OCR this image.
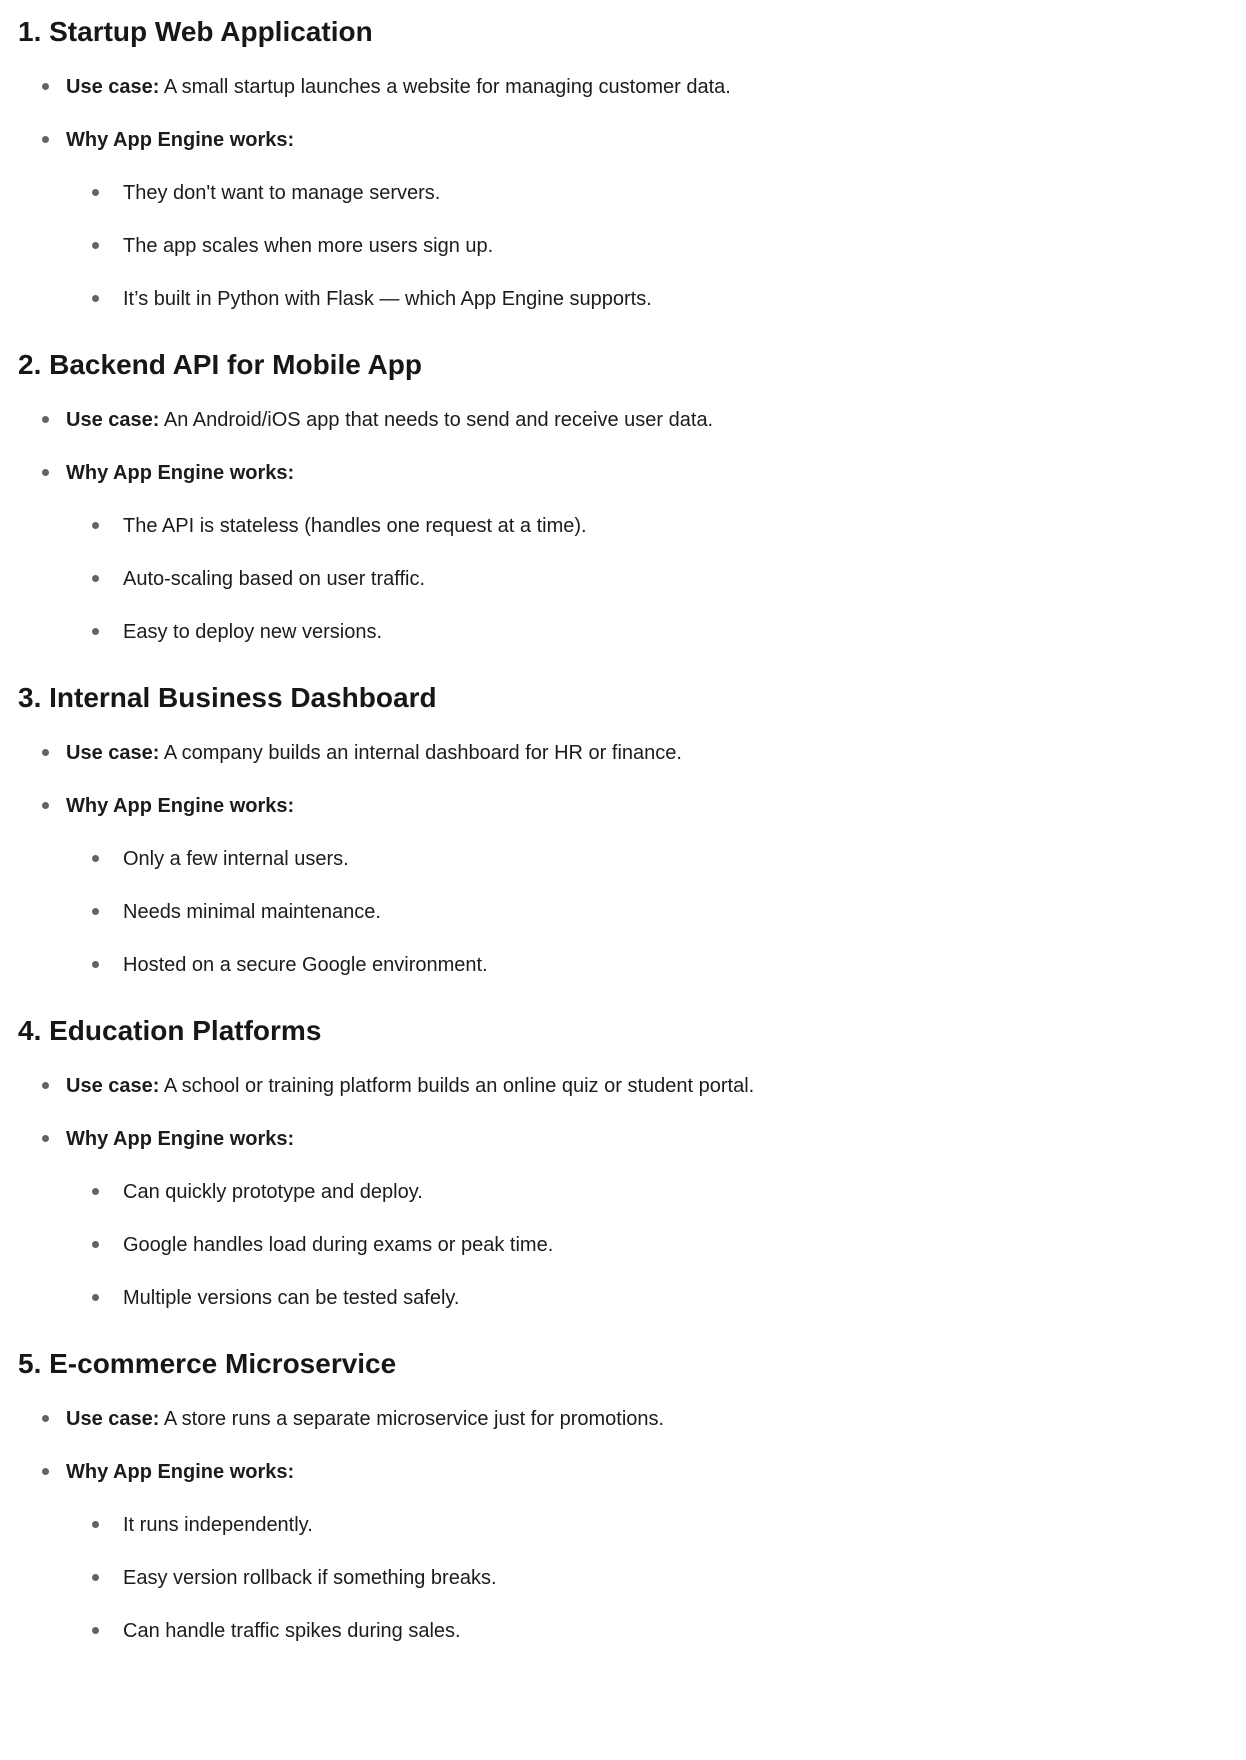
1. Startup Web Application
Use case: A small startup launches a website for managing customer data.
Why App Engine works:
They don't want to manage servers.
The app scales when more users sign up.
It’s built in Python with Flask — which App Engine supports.
2. Backend API for Mobile App
Use case: An Android/iOS app that needs to send and receive user data.
Why App Engine works:
The API is stateless (handles one request at a time).
Auto-scaling based on user traffic.
Easy to deploy new versions.
3. Internal Business Dashboard
Use case: A company builds an internal dashboard for HR or finance.
Why App Engine works:
Only a few internal users.
Needs minimal maintenance.
Hosted on a secure Google environment.
4. Education Platforms
Use case: A school or training platform builds an online quiz or student portal.
Why App Engine works:
Can quickly prototype and deploy.
Google handles load during exams or peak time.
Multiple versions can be tested safely.
5. E-commerce Microservice
Use case: A store runs a separate microservice just for promotions.
Why App Engine works:
It runs independently.
Easy version rollback if something breaks.
Can handle traffic spikes during sales.
